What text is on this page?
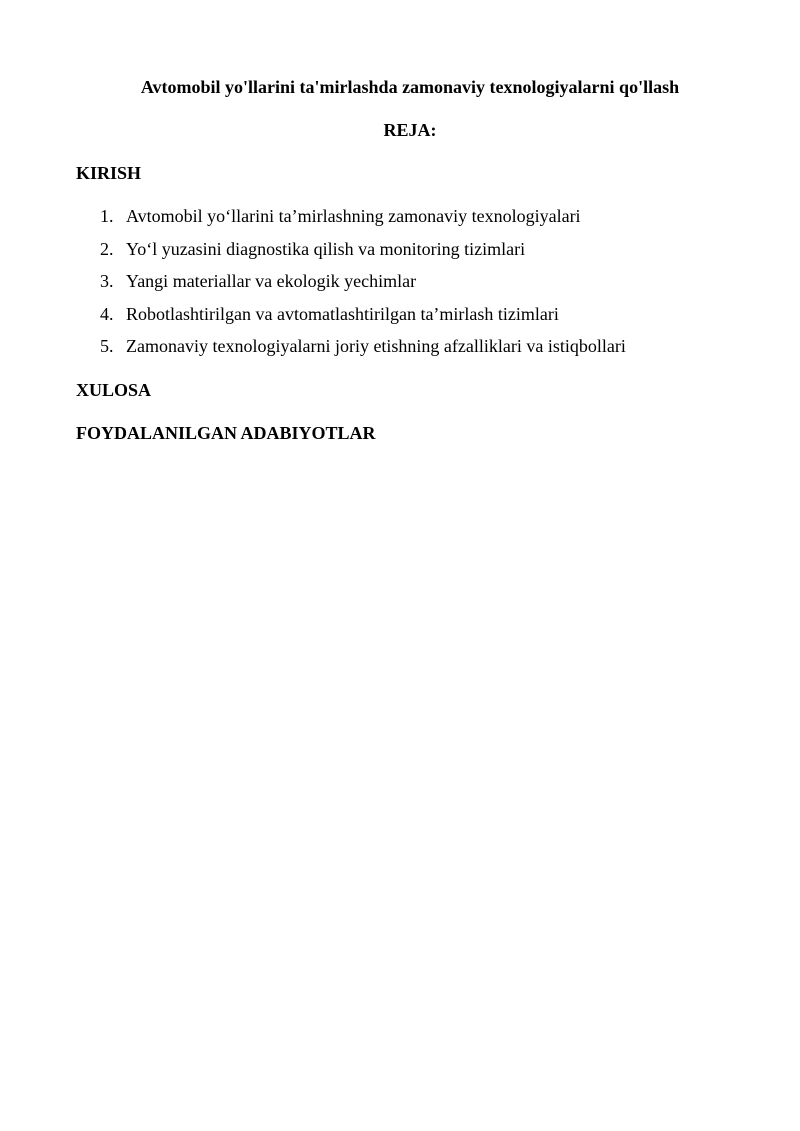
Avtomobil yo'llarini ta'mirlashda zamonaviy texnologiyalarni qo'llash
REJA:
KIRISH
1. Avtomobil yo‘llarini ta’mirlashning zamonaviy texnologiyalari
2. Yo‘l yuzasini diagnostika qilish va monitoring tizimlari
3. Yangi materiallar va ekologik yechimlar
4. Robotlashtirilgan va avtomatlashtirilgan ta’mirlash tizimlari
5. Zamonaviy texnologiyalarni joriy etishning afzalliklari va istiqbollari
XULOSA
FOYDALANILGAN ADABIYOTLAR
